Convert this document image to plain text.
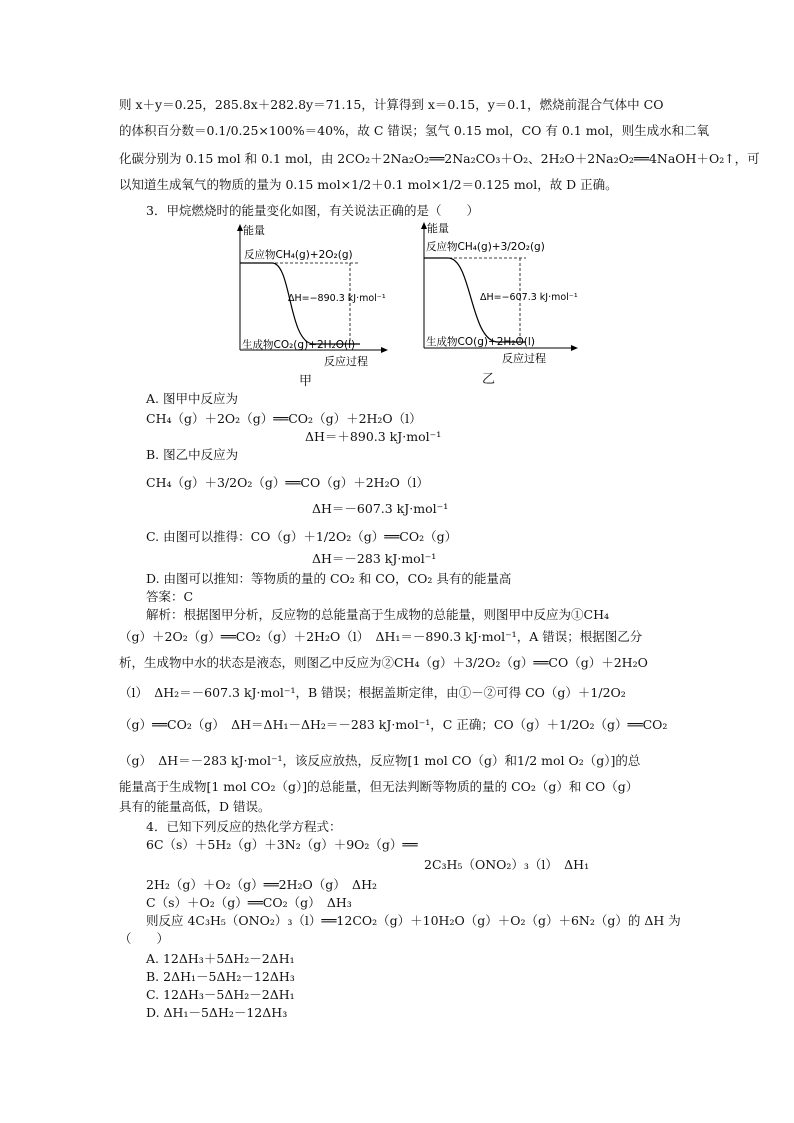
则 x＋y＝0.25，285.8x＋282.8y＝71.15，计算得到 x＝0.15，y＝0.1，燃烧前混合气体中 CO
的体积百分数＝0.1/0.25×100%＝40%，故 C 错误；氢气 0.15 mol，CO 有 0.1 mol，则生成水和二氧
化碳分别为 0.15 mol 和 0.1 mol，由 2CO₂＋2Na₂O₂══2Na₂CO₃＋O₂、2H₂O＋2Na₂O₂══4NaOH＋O₂↑，可
以知道生成氧气的物质的量为 0.15 mol×1/2＋0.1 mol×1/2＝0.125 mol，故 D 正确。
3．甲烷燃烧时的能量变化如图，有关说法正确的是（　　）
能量
反应物CH₄(g)+2O₂(g)
ΔH=−890.3 kJ·mol⁻¹
生成物CO₂(g)+2H₂O(l)
反应过程
甲
能量
反应物CH₄(g)+3/2O₂(g)
ΔH=−607.3 kJ·mol⁻¹
生成物CO(g)+2H₂O(l)
反应过程
乙
A. 图甲中反应为
CH₄（g）＋2O₂（g）══CO₂（g）＋2H₂O（l）
ΔH＝＋890.3 kJ·mol⁻¹
B. 图乙中反应为
CH₄（g）＋3/2O₂（g）══CO（g）＋2H₂O（l）
ΔH＝－607.3 kJ·mol⁻¹
C. 由图可以推得：CO（g）＋1/2O₂（g）══CO₂（g）
ΔH＝－283 kJ·mol⁻¹
D. 由图可以推知：等物质的量的 CO₂ 和 CO，CO₂ 具有的能量高
答案：C
解析：根据图甲分析，反应物的总能量高于生成物的总能量，则图甲中反应为①CH₄
（g）＋2O₂（g）══CO₂（g）＋2H₂O（l）　ΔH₁＝－890.3 kJ·mol⁻¹，A 错误；根据图乙分
析，生成物中水的状态是液态，则图乙中反应为②CH₄（g）＋3/2O₂（g）══CO（g）＋2H₂O
（l）　ΔH₂＝－607.3 kJ·mol⁻¹，B 错误；根据盖斯定律，由①－②可得 CO（g）＋1/2O₂
（g）══CO₂（g）　ΔH＝ΔH₁－ΔH₂＝－283 kJ·mol⁻¹，C 正确；CO（g）＋1/2O₂（g）══CO₂
（g）　ΔH＝－283 kJ·mol⁻¹，该反应放热，反应物[1 mol CO（g）和1/2 mol O₂（g）]的总
能量高于生成物[1 mol CO₂（g）]的总能量，但无法判断等物质的量的 CO₂（g）和 CO（g）
具有的能量高低，D 错误。
4．已知下列反应的热化学方程式：
6C（s）＋5H₂（g）＋3N₂（g）＋9O₂（g）══
2C₃H₅（ONO₂）₃（l）　ΔH₁
2H₂（g）＋O₂（g）══2H₂O（g）　ΔH₂
C（s）＋O₂（g）══CO₂（g）　ΔH₃
则反应 4C₃H₅（ONO₂）₃（l）══12CO₂（g）＋10H₂O（g）＋O₂（g）＋6N₂（g）的 ΔH 为
（　　）
A. 12ΔH₃＋5ΔH₂－2ΔH₁
B. 2ΔH₁－5ΔH₂－12ΔH₃
C. 12ΔH₃－5ΔH₂－2ΔH₁
D. ΔH₁－5ΔH₂－12ΔH₃
